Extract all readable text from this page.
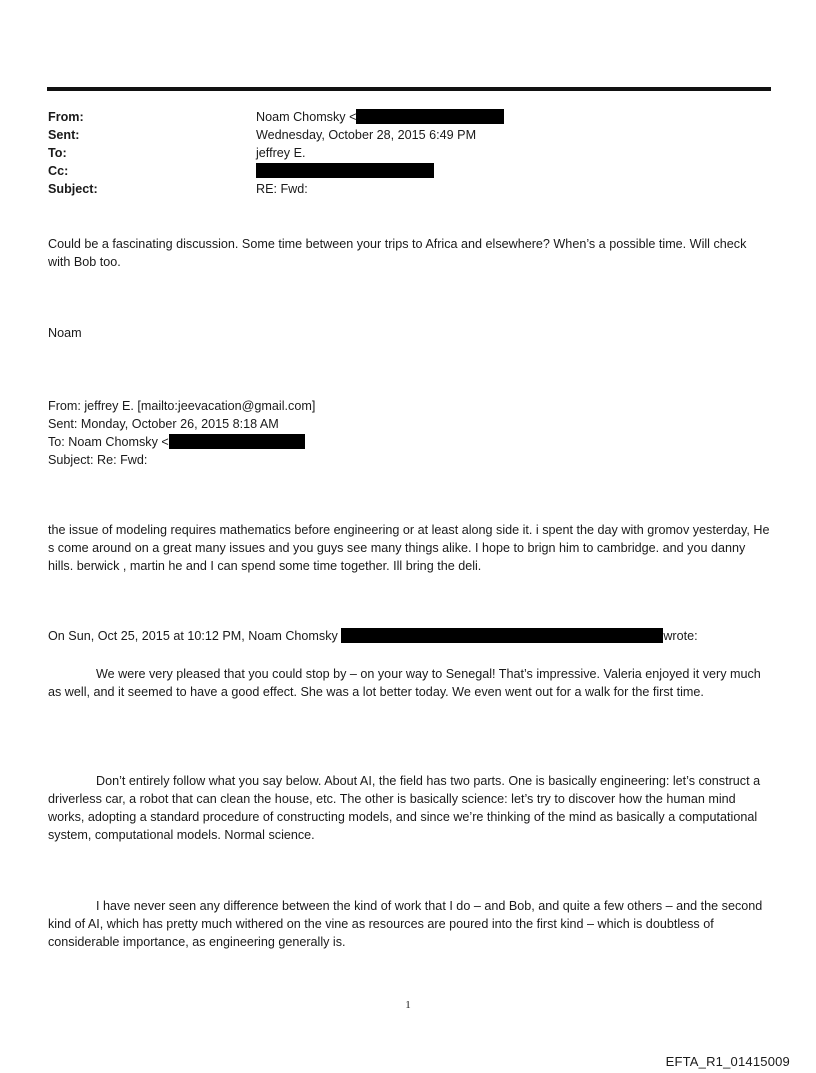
From:	Noam Chomsky <
Sent:	Wednesday, October 28, 2015 6:49 PM
To:	jeffrey E.
Cc:
Subject:	RE: Fwd:

Could be a fascinating discussion. Some time between your trips to Africa and elsewhere? When’s a possible time. Will check with Bob too.

Noam

From: jeffrey E. [mailto:jeevacation@gmail.com]
Sent: Monday, October 26, 2015 8:18 AM
To: Noam Chomsky <
Subject: Re: Fwd:

the issue of modeling requires mathematics before engineering or at least along side it. i spent the day with gromov yesterday, He s come around on a great many issues and you guys see many things alike. I hope to brign him to cambridge. and you danny hills. berwick , martin he and I can spend some time together. Ill bring the deli.

On Sun, Oct 25, 2015 at 10:12 PM, Noam Chomsky	wrote:

We were very pleased that you could stop by – on your way to Senegal! That’s impressive. Valeria enjoyed it very much as well, and it seemed to have a good effect. She was a lot better today. We even went out for a walk for the first time.

Don’t entirely follow what you say below. About AI, the field has two parts. One is basically engineering: let’s construct a driverless car, a robot that can clean the house, etc. The other is basically science: let’s try to discover how the human mind works, adopting a standard procedure of constructing models, and since we’re thinking of the mind as basically a computational system, computational models. Normal science.

I have never seen any difference between the kind of work that I do – and Bob, and quite a few others – and the second kind of AI, which has pretty much withered on the vine as resources are poured into the first kind – which is doubtless of considerable importance, as engineering generally is.

1
EFTA_R1_01415009
